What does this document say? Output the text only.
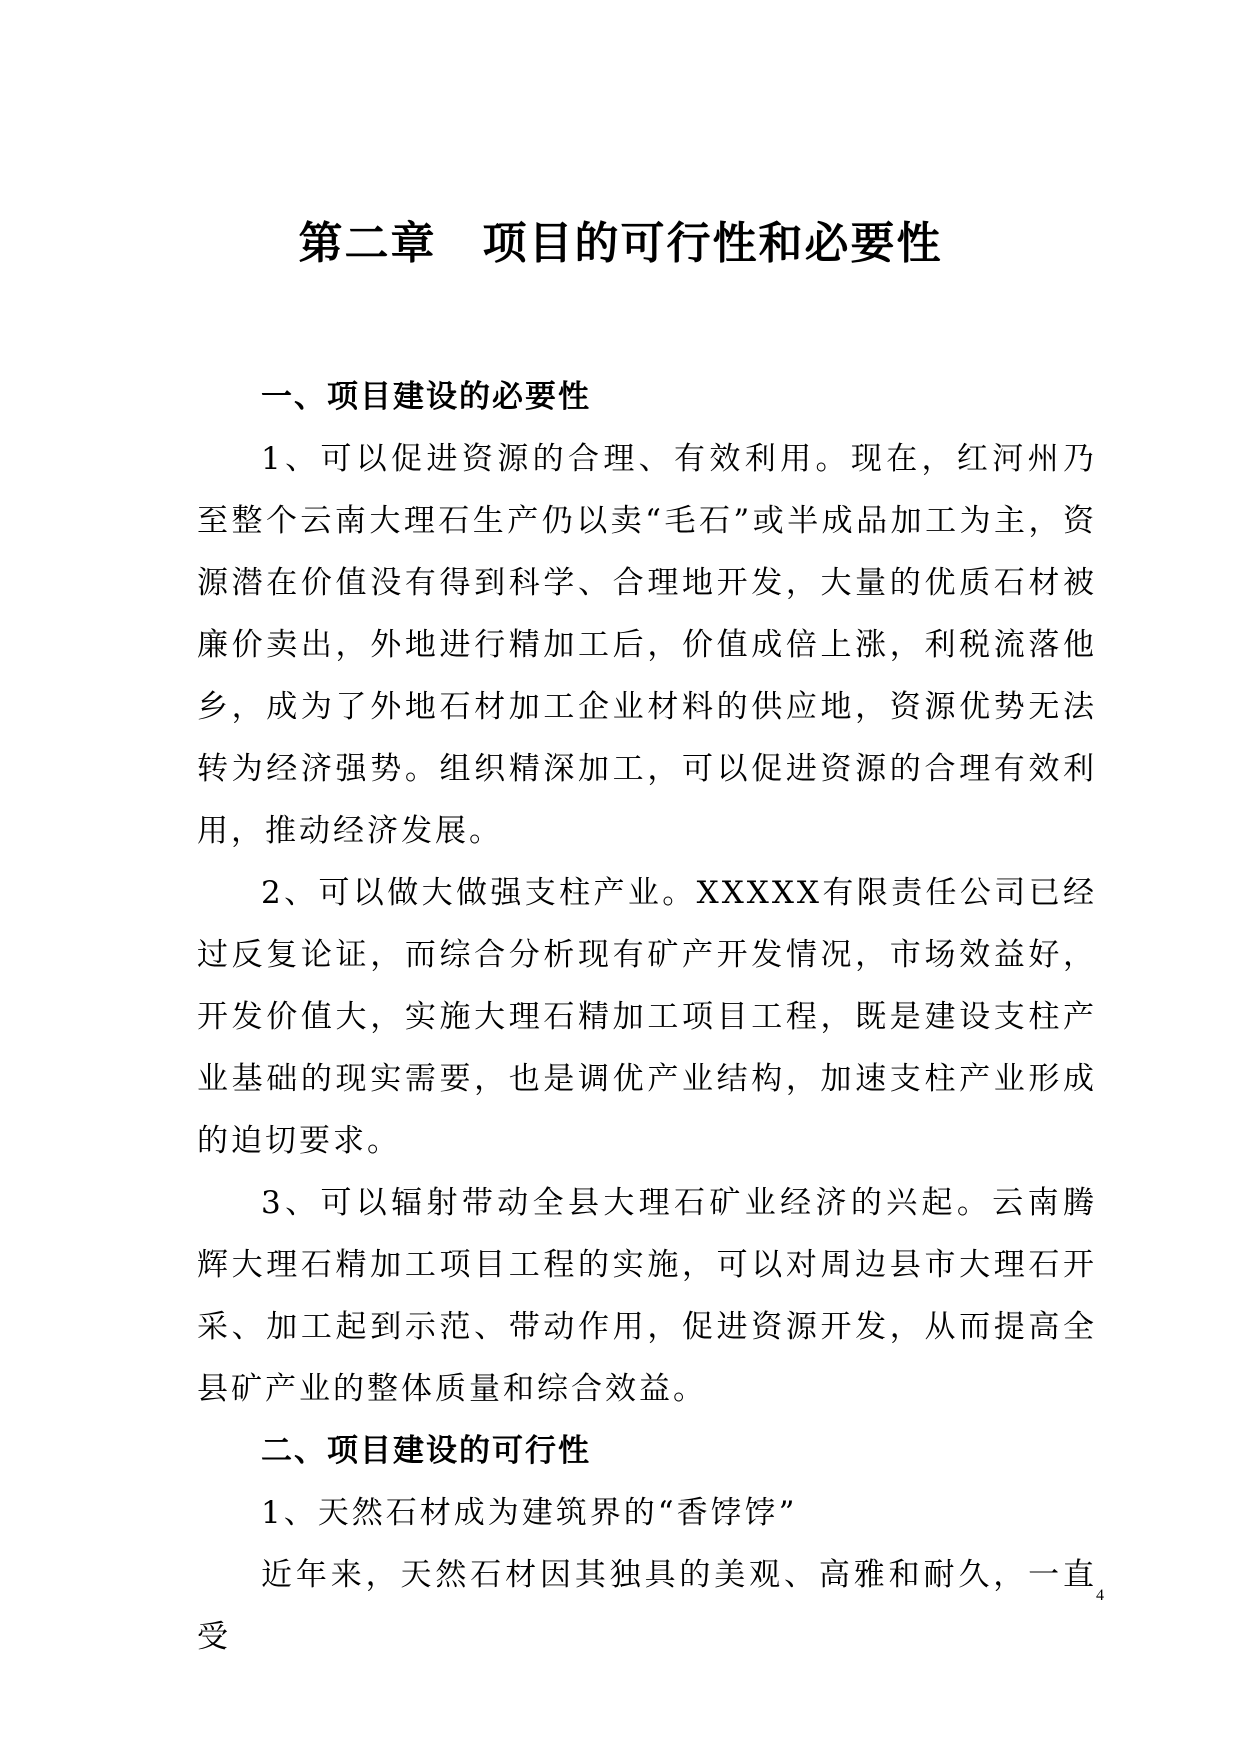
第二章　项目的可行性和必要性
一、项目建设的必要性

1、可以促进资源的合理、有效利用。现在，红河州乃至整个云南大理石生产仍以卖“毛石”或半成品加工为主，资源潜在价值没有得到科学、合理地开发，大量的优质石材被廉价卖出，外地进行精加工后，价值成倍上涨，利税流落他乡，成为了外地石材加工企业材料的供应地，资源优势无法转为经济强势。组织精深加工，可以促进资源的合理有效利用，推动经济发展。

2、可以做大做强支柱产业。XXXXX有限责任公司已经过反复论证，而综合分析现有矿产开发情况，市场效益好，开发价值大，实施大理石精加工项目工程，既是建设支柱产业基础的现实需要，也是调优产业结构，加速支柱产业形成的迫切要求。

3、可以辐射带动全县大理石矿业经济的兴起。云南腾辉大理石精加工项目工程的实施，可以对周边县市大理石开采、加工起到示范、带动作用，促进资源开发，从而提高全县矿产业的整体质量和综合效益。

二、项目建设的可行性

1、天然石材成为建筑界的“香饽饽”

近年来，天然石材因其独具的美观、高雅和耐久，一直受

4
